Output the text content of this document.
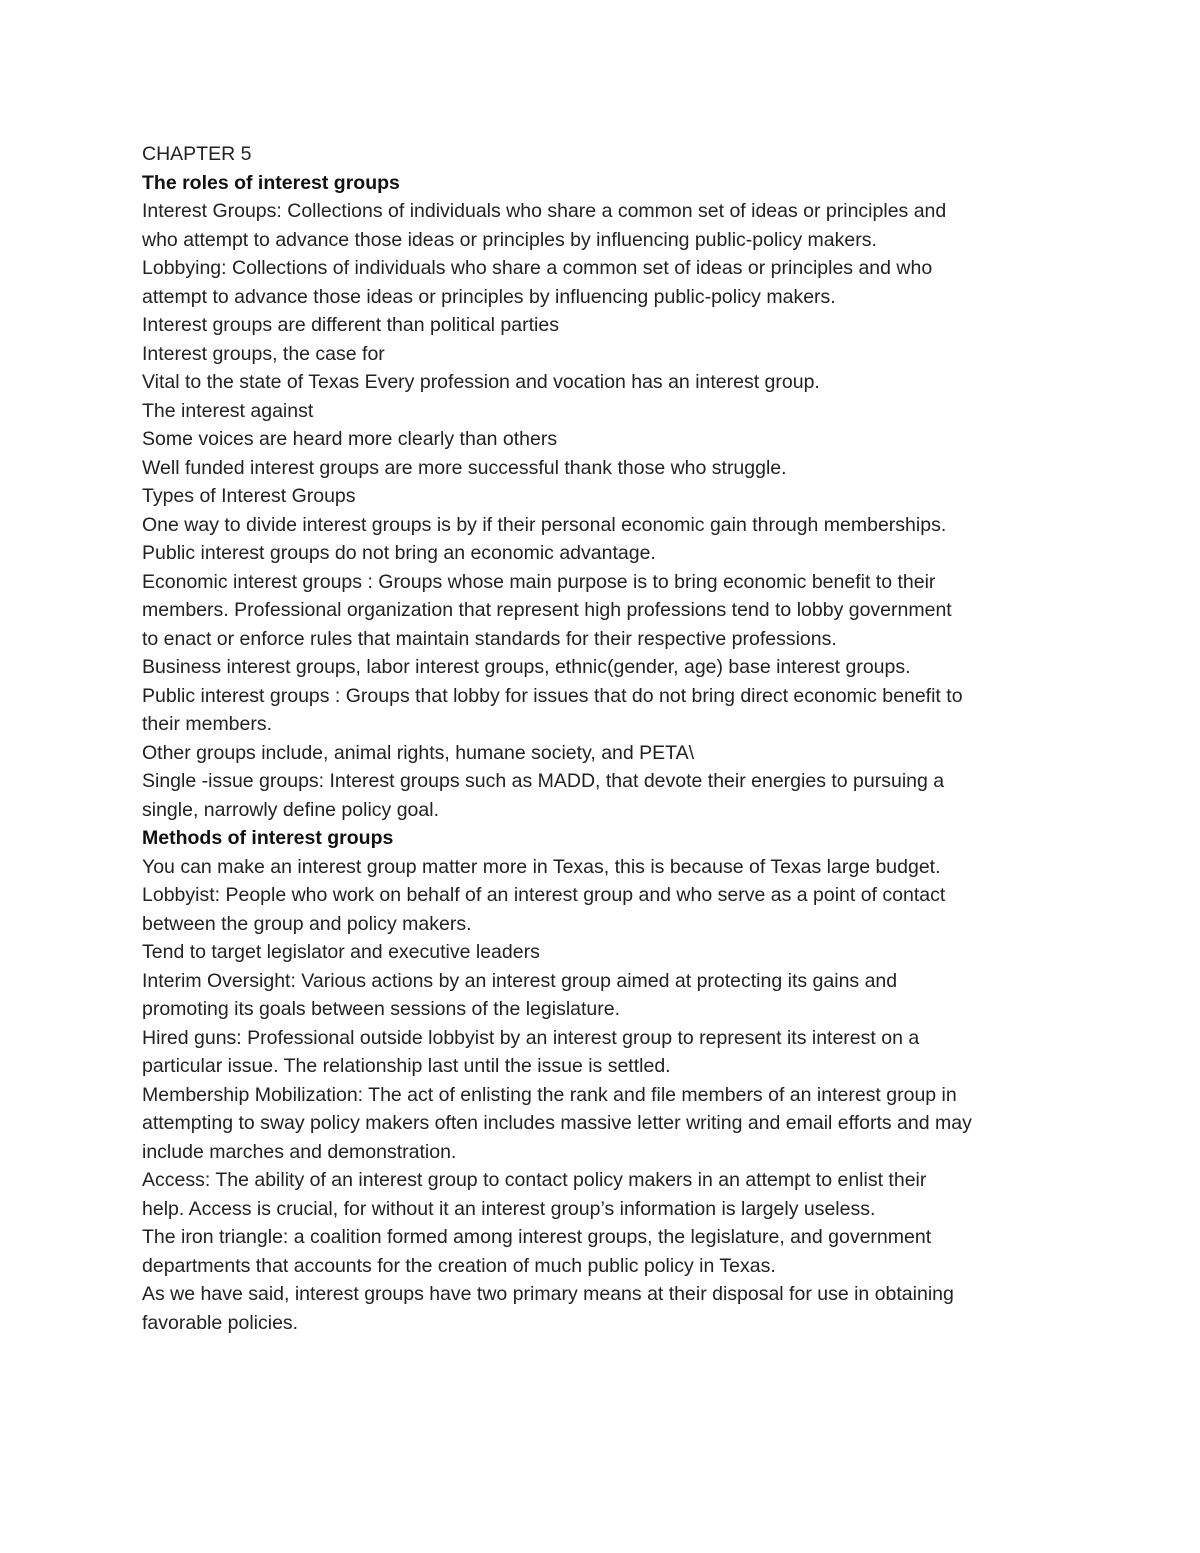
CHAPTER 5

The roles of interest groups

Interest Groups: Collections of individuals who share a common set of ideas or principles and

who attempt to advance those ideas or principles by influencing public-policy makers.

Lobbying: Collections of individuals who share a common set of ideas or principles and who

attempt to advance those ideas or principles by influencing public-policy makers.

Interest groups are different than political parties

Interest groups, the case for

Vital to the state of Texas Every profession and vocation has an interest group.

The interest against

Some voices are heard more clearly than others

Well funded interest groups are more successful thank those who struggle.

Types of Interest Groups

One way to divide interest groups is by if their personal economic gain through memberships.

Public interest groups do not bring an economic advantage.

Economic interest groups : Groups whose main purpose is to bring economic benefit to their

members. Professional organization that represent high professions tend to lobby government

to enact or enforce rules that maintain standards for their respective professions.

Business interest groups, labor interest groups, ethnic(gender, age) base interest groups.

Public interest groups : Groups that lobby for issues that do not bring direct economic benefit to

their members.

Other groups include, animal rights, humane society, and PETA\

Single -issue groups: Interest groups such as MADD, that devote their energies to pursuing a

single, narrowly define policy goal.

Methods of interest groups

You can make an interest group matter more in Texas, this is because of Texas large budget.

Lobbyist: People who work on behalf of an interest group and who serve as a point of contact

between the group and policy makers.

Tend to target legislator and executive leaders

Interim Oversight: Various actions by an interest group aimed at protecting its gains and

promoting its goals between sessions of the legislature.

Hired guns: Professional outside lobbyist by an interest group to represent its interest on a

particular issue. The relationship last until the issue is settled.

Membership Mobilization: The act of enlisting the rank and file members of an interest group in

attempting to sway policy makers often includes massive letter writing and email efforts and may

include marches and demonstration.

Access: The ability of an interest group to contact policy makers in an attempt to enlist their

help. Access is crucial, for without it an interest group’s information is largely useless.

The iron triangle: a coalition formed among interest groups, the legislature, and government

departments that accounts for the creation of much public policy in Texas.

As we have said, interest groups have two primary means at their disposal for use in obtaining

favorable policies.
